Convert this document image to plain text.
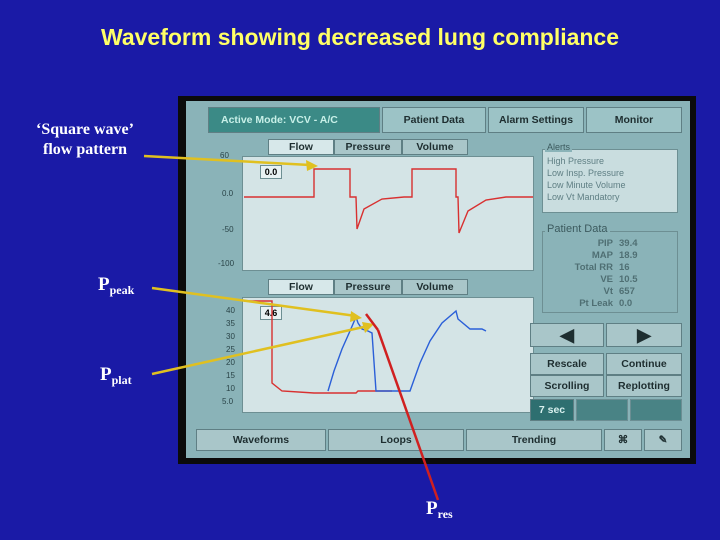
Waveform showing decreased lung compliance
‘Square wave’ flow pattern
$P_{peak}$
$P_{plat}$
Active Mode: VCV - A/C	Patient Data	Alarm Settings	Monitor
Flow	Pressure	Volume
0.0
60
0.0
-50
-100
Flow	Pressure	Volume
4.6
40
35
30
25
20
15
10
5.0
Alerts
High Pressure
Low Insp. Pressure
Low Minute Volume
Low Vt Mandatory
Patient Data
PIP 39.4
MAP 18.9
Total RR 16
VE 10.5
Vt 657
Pt Leak 0.0
◀	▶
Rescale	Continue
Scrolling	Replotting
7 sec
Waveforms	Loops	Trending	⌘	✎
$P_{res}$
